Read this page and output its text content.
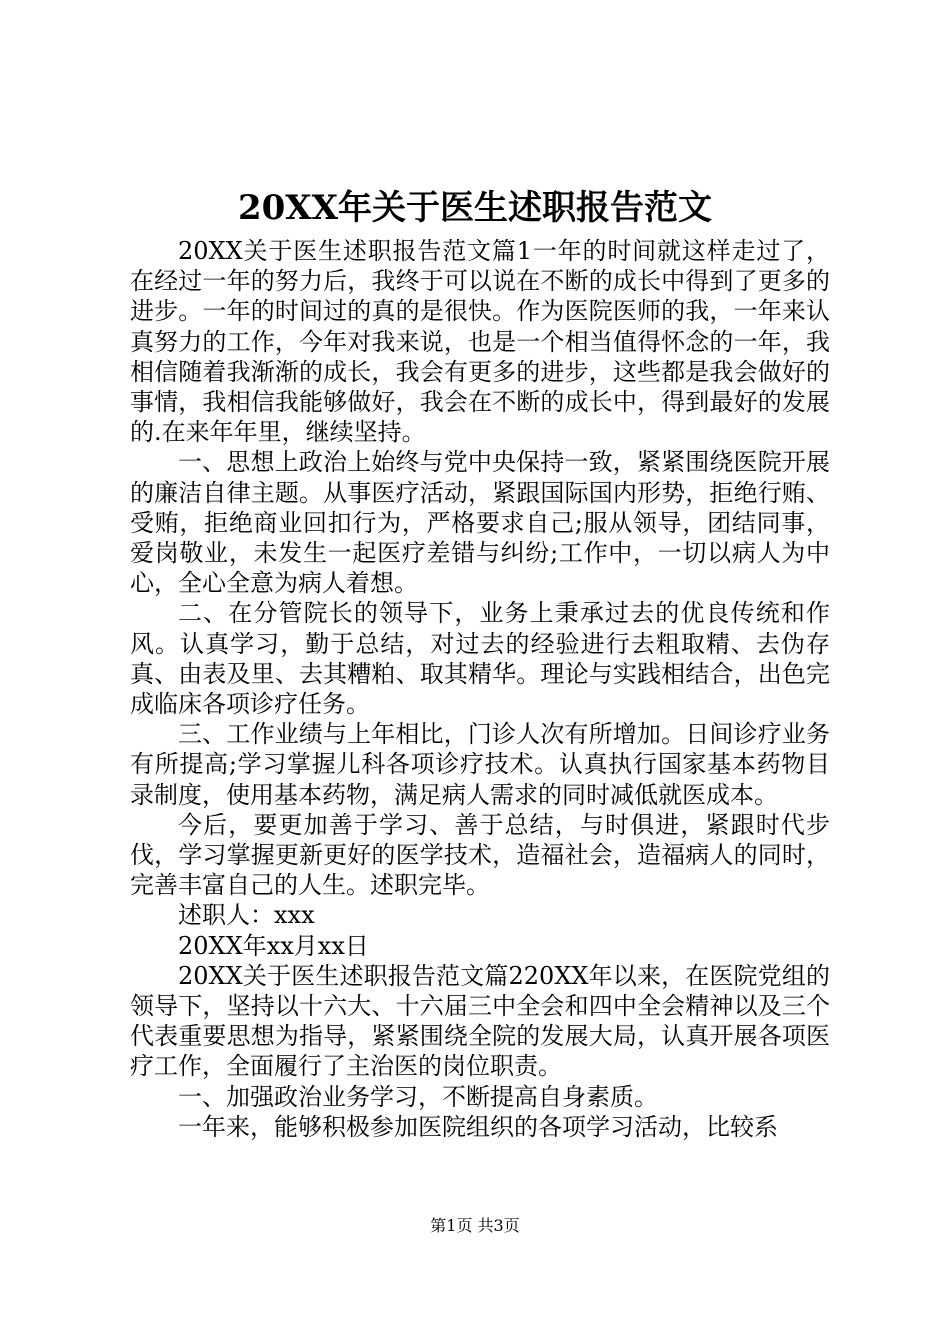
20XX年关于医生述职报告范文

20XX关于医生述职报告范文篇1一年的时间就这样走过了，在经过一年的努力后，我终于可以说在不断的成长中得到了更多的进步。一年的时间过的真的是很快。作为医院医师的我，一年来认真努力的工作，今年对我来说，也是一个相当值得怀念的一年，我相信随着我渐渐的成长，我会有更多的进步，这些都是我会做好的事情，我相信我能够做好，我会在不断的成长中，得到最好的发展的.在来年年里，继续坚持。

一、思想上政治上始终与党中央保持一致，紧紧围绕医院开展的廉洁自律主题。从事医疗活动，紧跟国际国内形势，拒绝行贿、受贿，拒绝商业回扣行为，严格要求自己;服从领导，团结同事，爱岗敬业，未发生一起医疗差错与纠纷;工作中，一切以病人为中心，全心全意为病人着想。

二、在分管院长的领导下，业务上秉承过去的优良传统和作风。认真学习，勤于总结，对过去的经验进行去粗取精、去伪存真、由表及里、去其糟粕、取其精华。理论与实践相结合，出色完成临床各项诊疗任务。

三、工作业绩与上年相比，门诊人次有所增加。日间诊疗业务有所提高;学习掌握儿科各项诊疗技术。认真执行国家基本药物目录制度，使用基本药物，满足病人需求的同时减低就医成本。

今后，要更加善于学习、善于总结，与时俱进，紧跟时代步伐，学习掌握更新更好的医学技术，造福社会，造福病人的同时，完善丰富自己的人生。述职完毕。

述职人：xxx

20XX年xx月xx日

20XX关于医生述职报告范文篇220XX年以来，在医院党组的领导下，坚持以十六大、十六届三中全会和四中全会精神以及三个代表重要思想为指导，紧紧围绕全院的发展大局，认真开展各项医疗工作，全面履行了主治医的岗位职责。

一、加强政治业务学习，不断提高自身素质。

一年来，能够积极参加医院组织的各项学习活动，比较系

第1页 共3页
